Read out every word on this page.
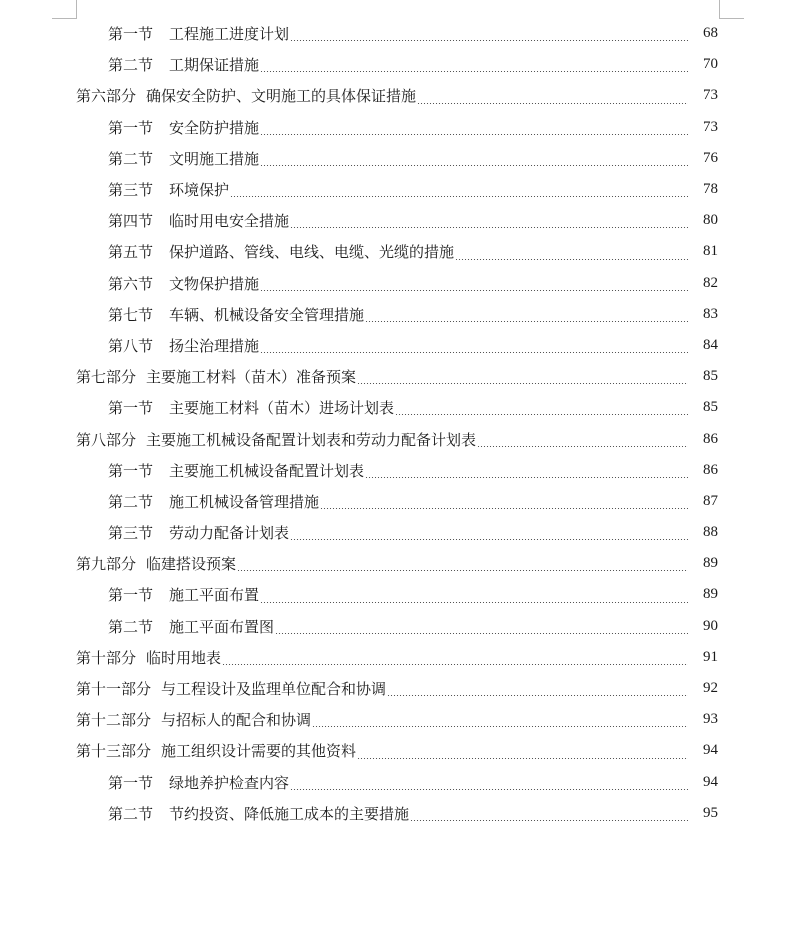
第一节 工程施工进度计划	68
第二节 工期保证措施	70
第六部分 确保安全防护、文明施工的具体保证措施	73
第一节 安全防护措施	73
第二节 文明施工措施	76
第三节 环境保护	78
第四节 临时用电安全措施	80
第五节 保护道路、管线、电线、电缆、光缆的措施	81
第六节 文物保护措施	82
第七节 车辆、机械设备安全管理措施	83
第八节 扬尘治理措施	84
第七部分 主要施工材料（苗木）准备预案	85
第一节 主要施工材料（苗木）进场计划表	85
第八部分 主要施工机械设备配置计划表和劳动力配备计划表	86
第一节 主要施工机械设备配置计划表	86
第二节 施工机械设备管理措施	87
第三节 劳动力配备计划表	88
第九部分 临建搭设预案	89
第一节 施工平面布置	89
第二节 施工平面布置图	90
第十部分 临时用地表	91
第十一部分 与工程设计及监理单位配合和协调	92
第十二部分 与招标人的配合和协调	93
第十三部分 施工组织设计需要的其他资料	94
第一节 绿地养护检查内容	94
第二节 节约投资、降低施工成本的主要措施	95
